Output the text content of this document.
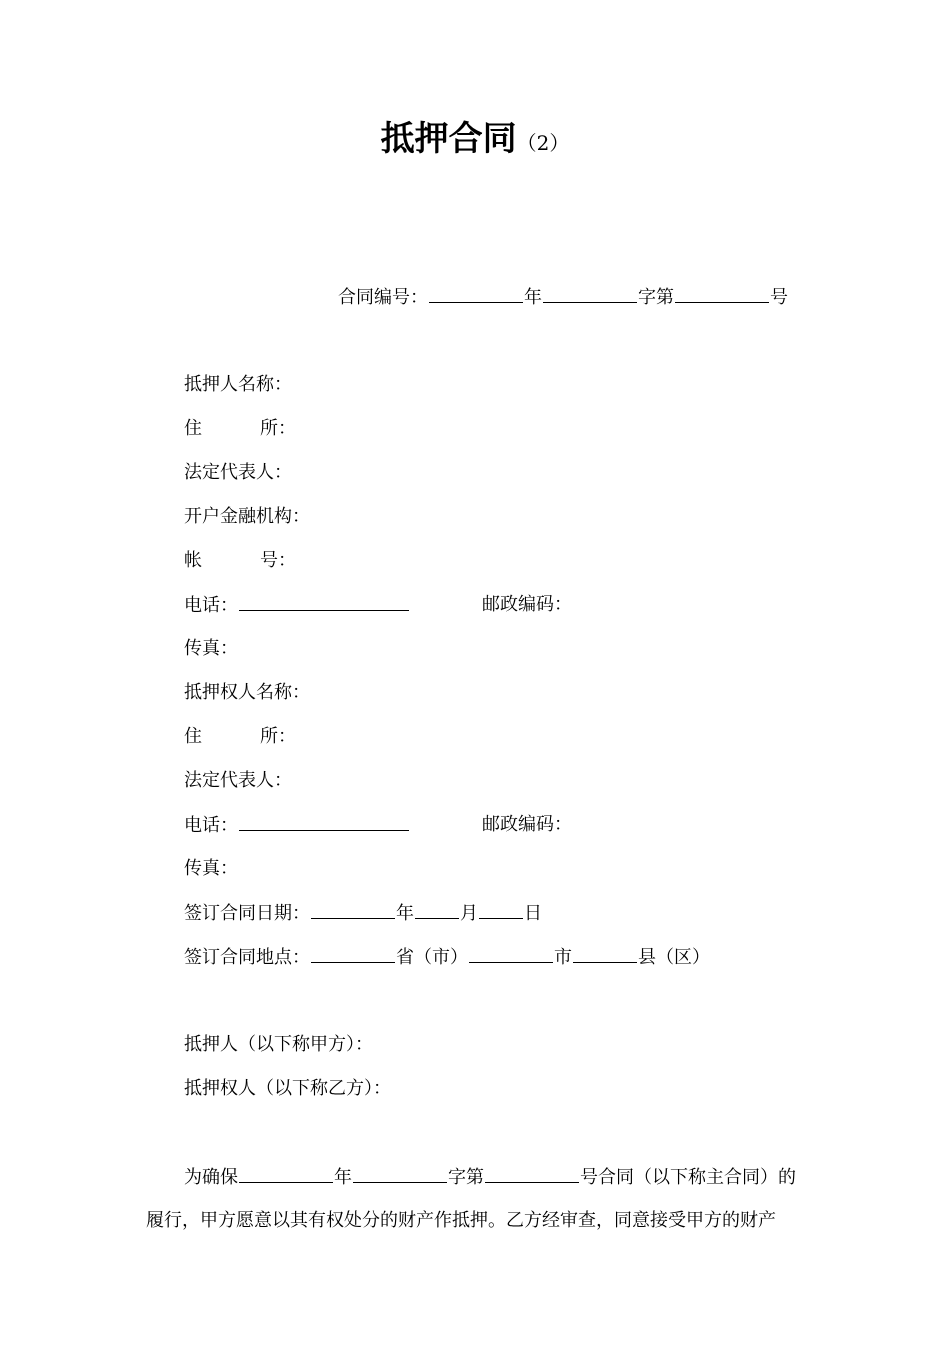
抵押合同（2）
合同编号：	年	字第	号
抵押人名称：
住	所：
法定代表人：
开户金融机构：
帐	号：
电话：	邮政编码：
传真：
抵押权人名称：
住	所：
法定代表人：
电话：	邮政编码：
传真：
签订合同日期：	年	月	日
签订合同地点：	省（市）	市	县（区）
抵押人（以下称甲方）：
抵押权人（以下称乙方）：
为确保	年	字第	号合同（以下称主合同）的
履行，甲方愿意以其有权处分的财产作抵押。乙方经审查，同意接受甲方的财产
